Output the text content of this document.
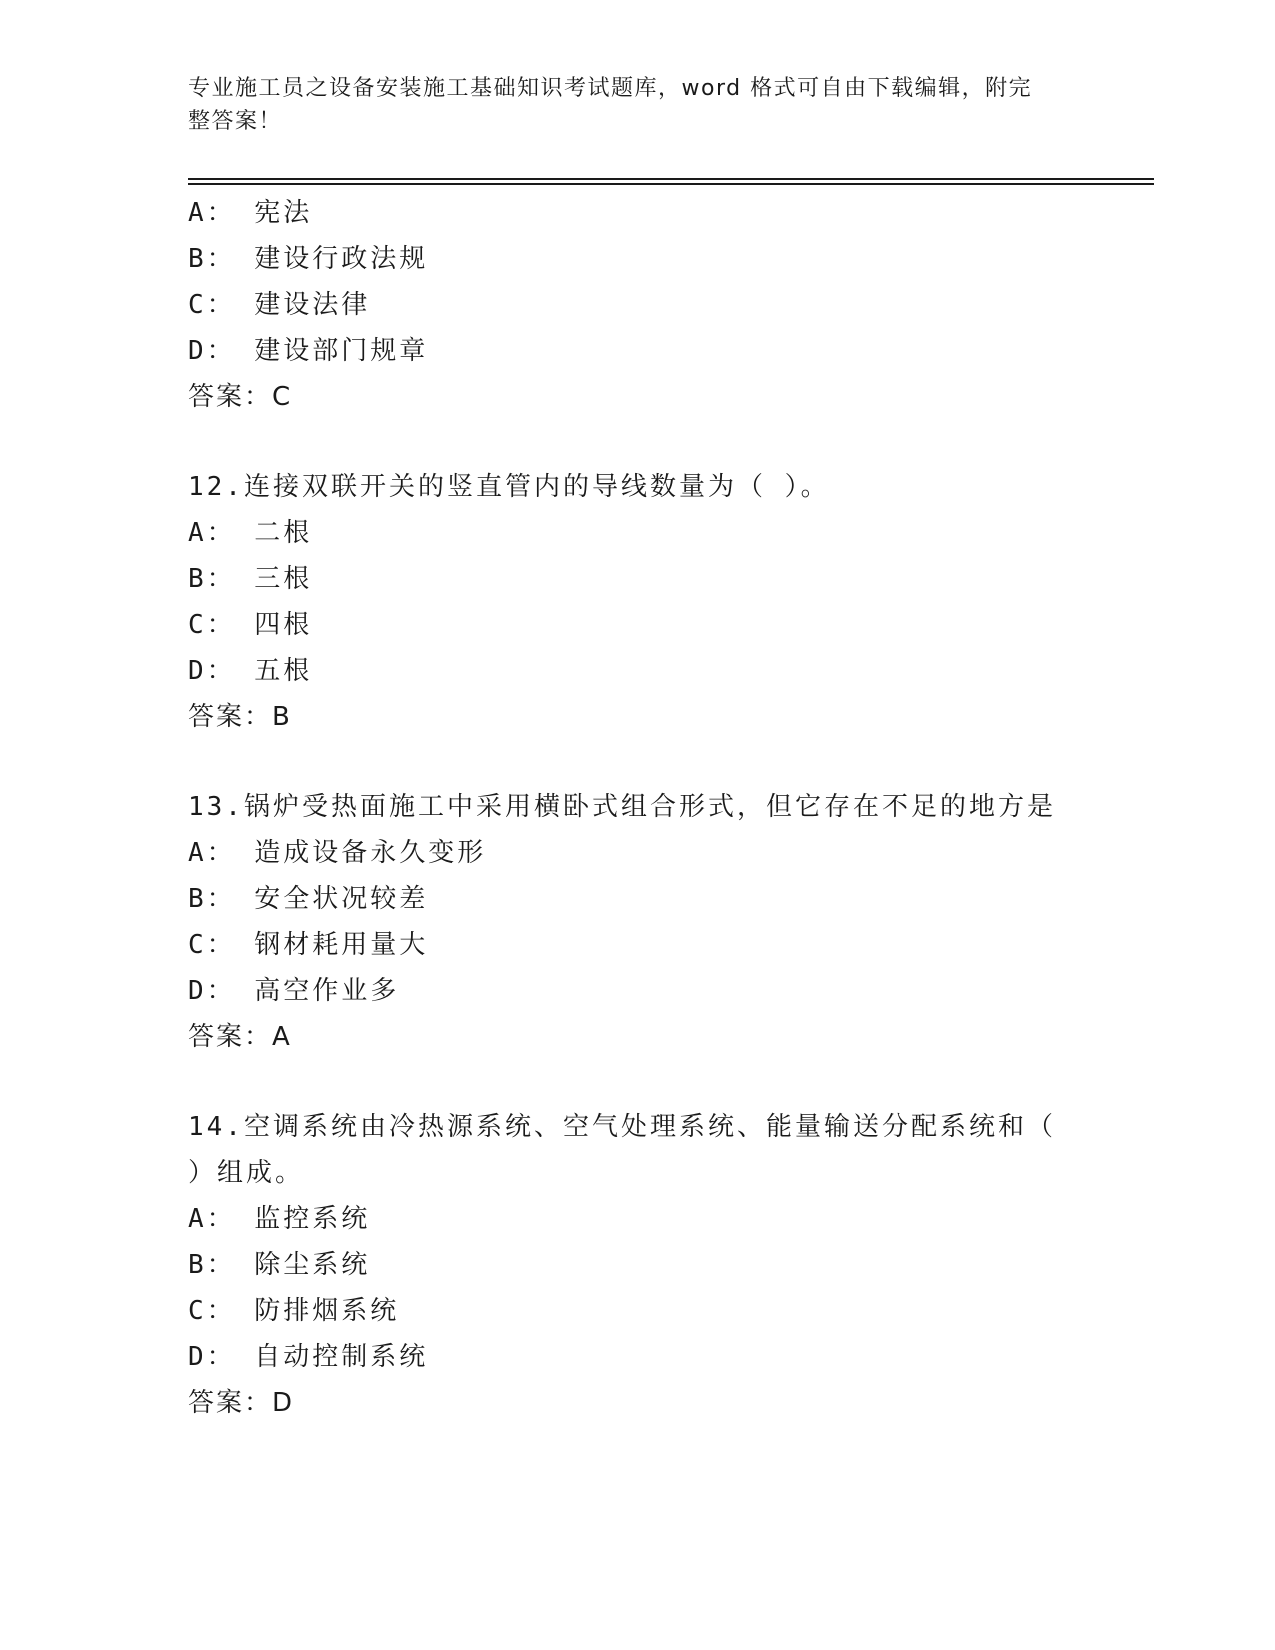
专业施工员之设备安装施工基础知识考试题库，word 格式可自由下载编辑，附完
整答案！
A： 宪法
B： 建设行政法规
C： 建设法律
D： 建设部门规章
答案：C
12.连接双联开关的竖直管内的导线数量为（ ）。
A： 二根
B： 三根
C： 四根
D： 五根
答案：B
13.锅炉受热面施工中采用横卧式组合形式，但它存在不足的地方是
A： 造成设备永久变形
B： 安全状况较差
C： 钢材耗用量大
D： 高空作业多
答案：A
14.空调系统由冷热源系统、空气处理系统、能量输送分配系统和（
）组成。
A： 监控系统
B： 除尘系统
C： 防排烟系统
D： 自动控制系统
答案：D
